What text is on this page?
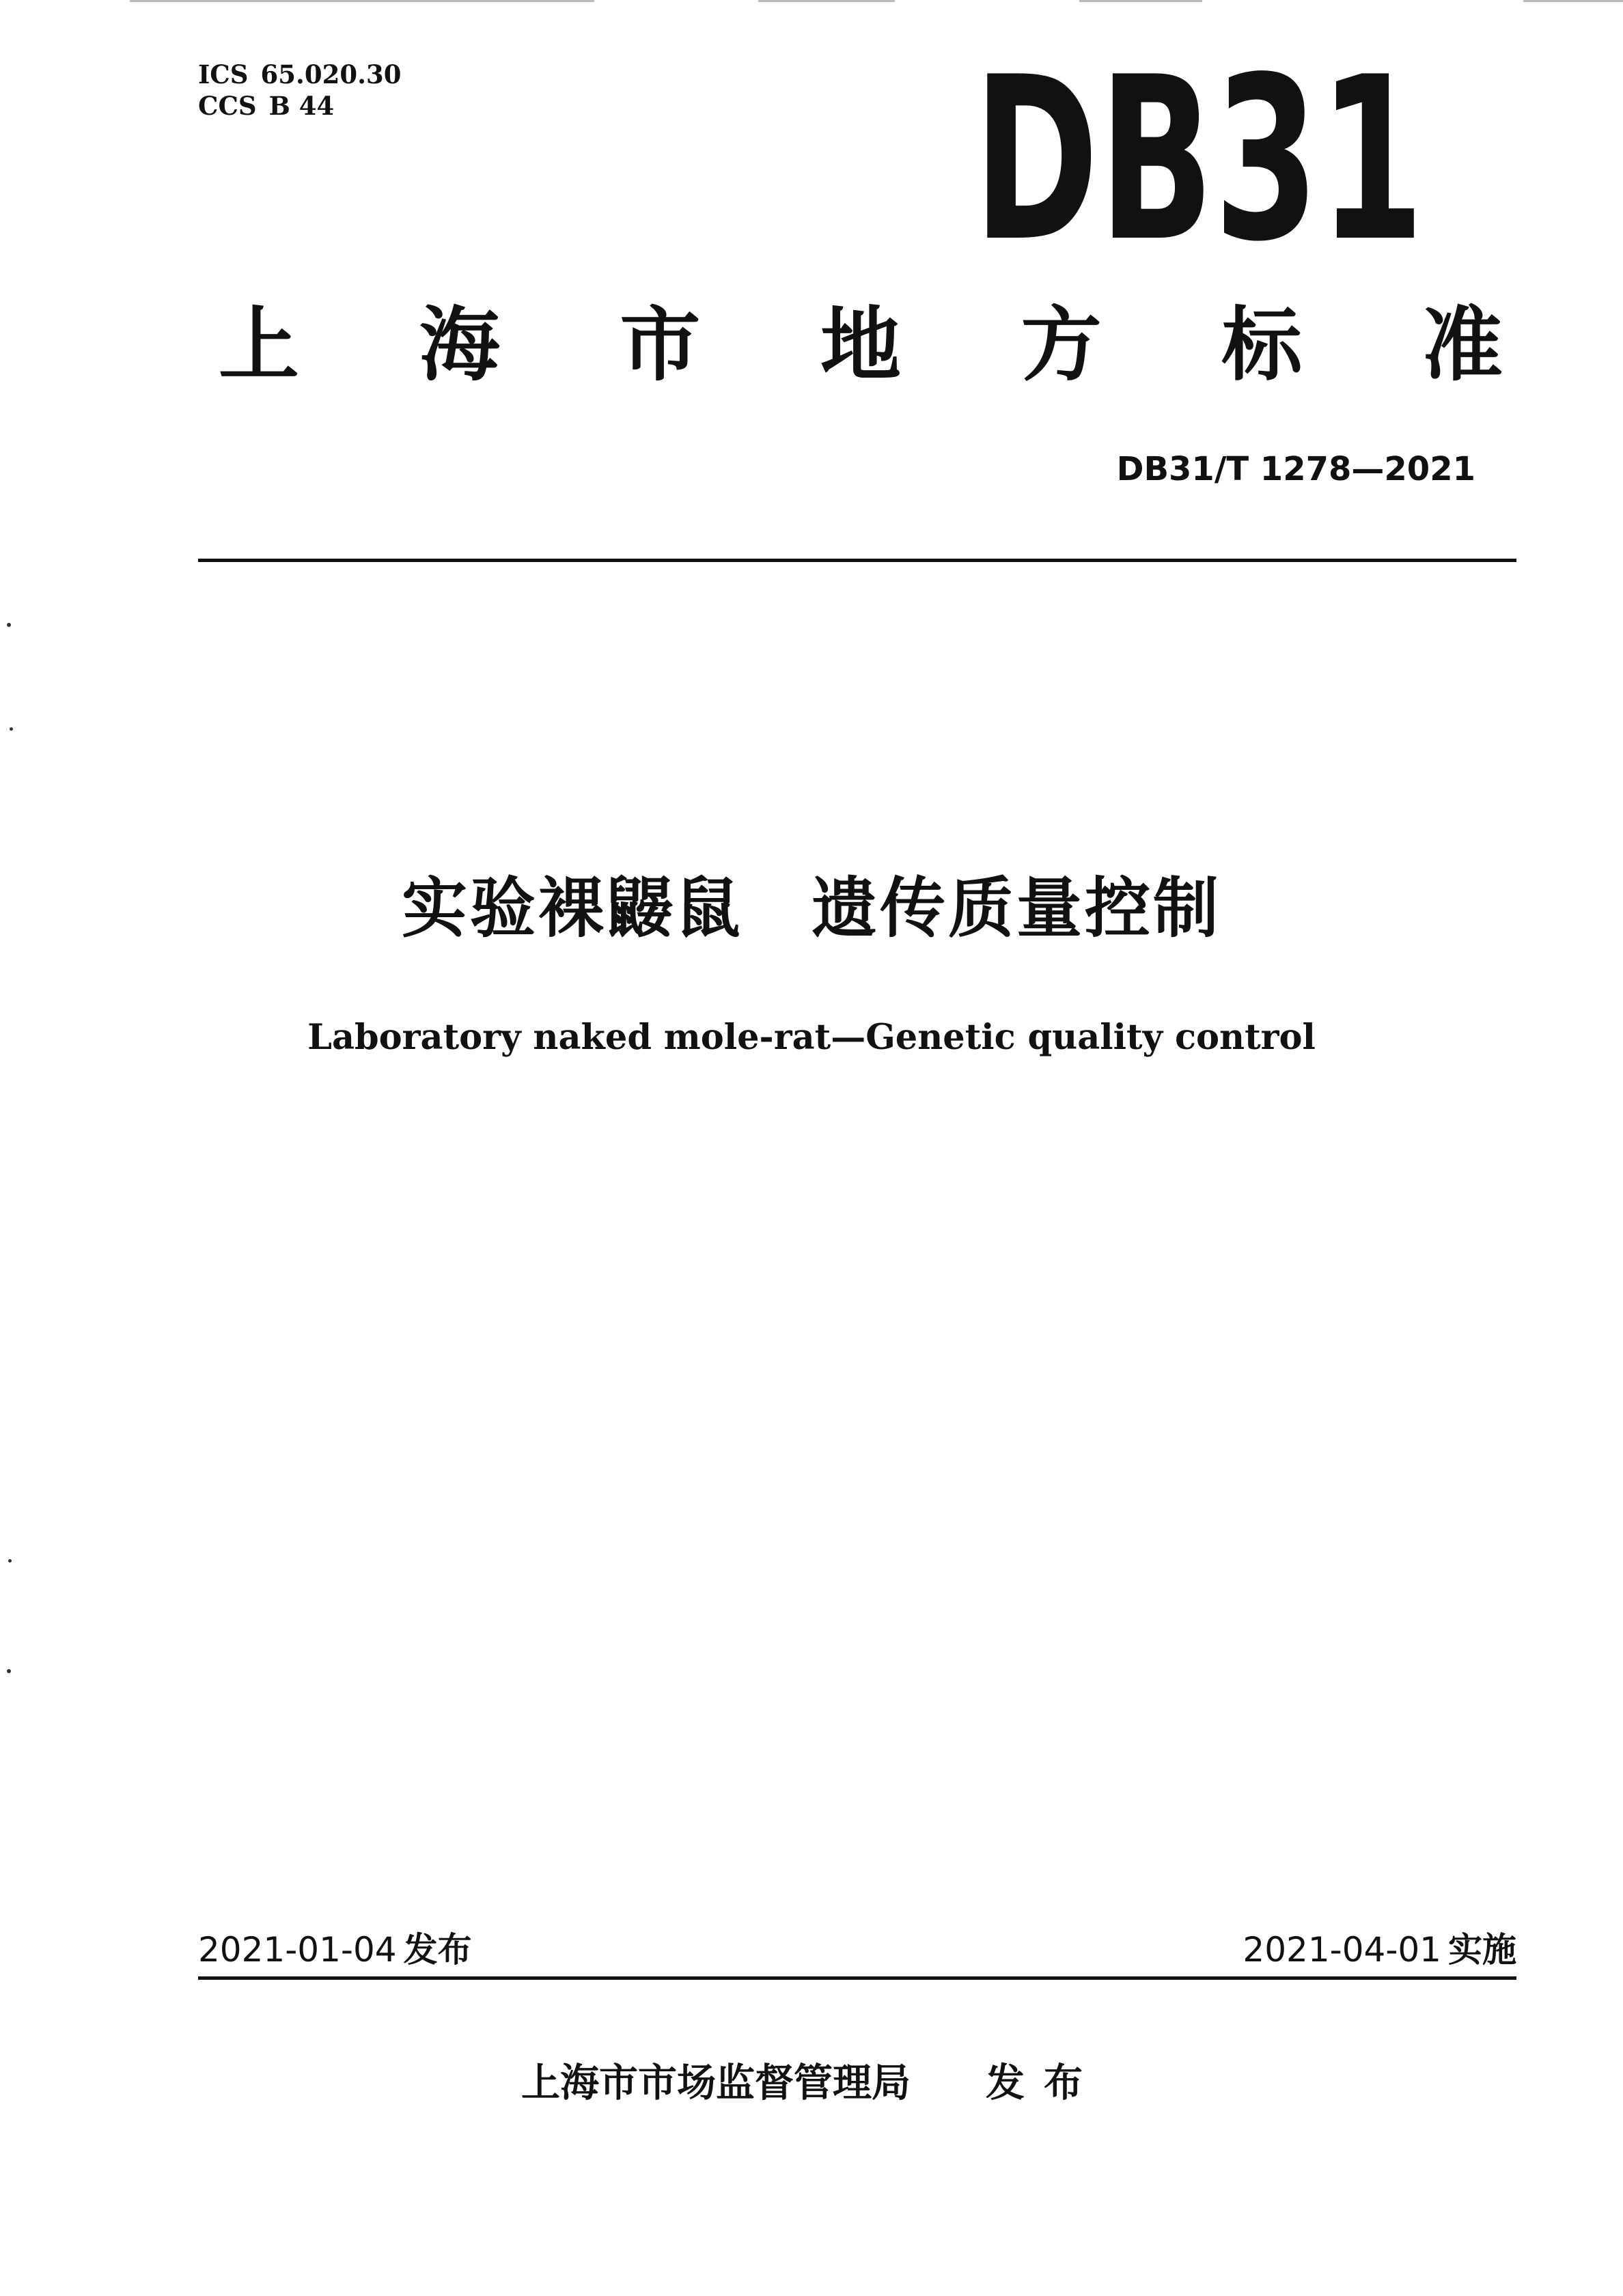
ICS 65.020.30
CCS B 44	DB31
上 海 市 地 方 标 准
DB31/T 1278—2021
实验裸鼹鼠　遗传质量控制
Laboratory naked mole-rat—Genetic quality control
2021-01-04 发布	2021-04-01 实施
上海市市场监督管理局 发布
